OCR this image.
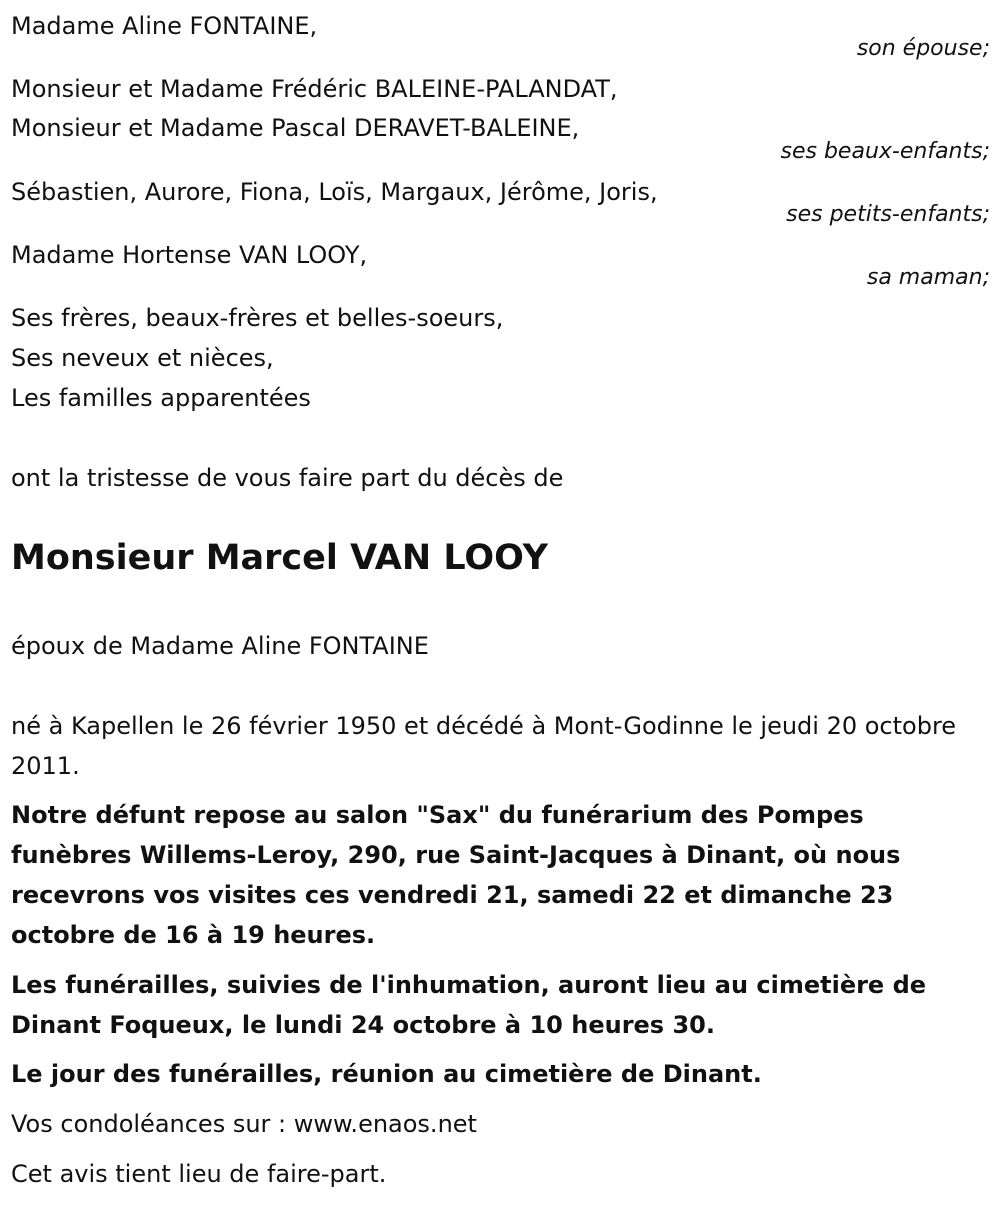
Madame Aline FONTAINE,
son épouse;
Monsieur et Madame Frédéric BALEINE-PALANDAT,
Monsieur et Madame Pascal DERAVET-BALEINE,
ses beaux-enfants;
Sébastien, Aurore, Fiona, Loïs, Margaux, Jérôme, Joris,
ses petits-enfants;
Madame Hortense VAN LOOY,
sa maman;
Ses frères, beaux-frères et belles-soeurs,
Ses neveux et nièces,
Les familles apparentées
ont la tristesse de vous faire part du décès de
Monsieur Marcel VAN LOOY
époux de Madame Aline FONTAINE

né à Kapellen le 26 février 1950 et décédé à Mont-Godinne le jeudi 20 octobre 2011.

Notre défunt repose au salon "Sax" du funérarium des Pompes funèbres Willems-Leroy, 290, rue Saint-Jacques à Dinant, où nous recevrons vos visites ces vendredi 21, samedi 22 et dimanche 23 octobre de 16 à 19 heures.

Les funérailles, suivies de l'inhumation, auront lieu au cimetière de Dinant Foqueux, le lundi 24 octobre à 10 heures 30.

Le jour des funérailles, réunion au cimetière de Dinant.

Vos condoléances sur : www.enaos.net
Cet avis tient lieu de faire-part.
